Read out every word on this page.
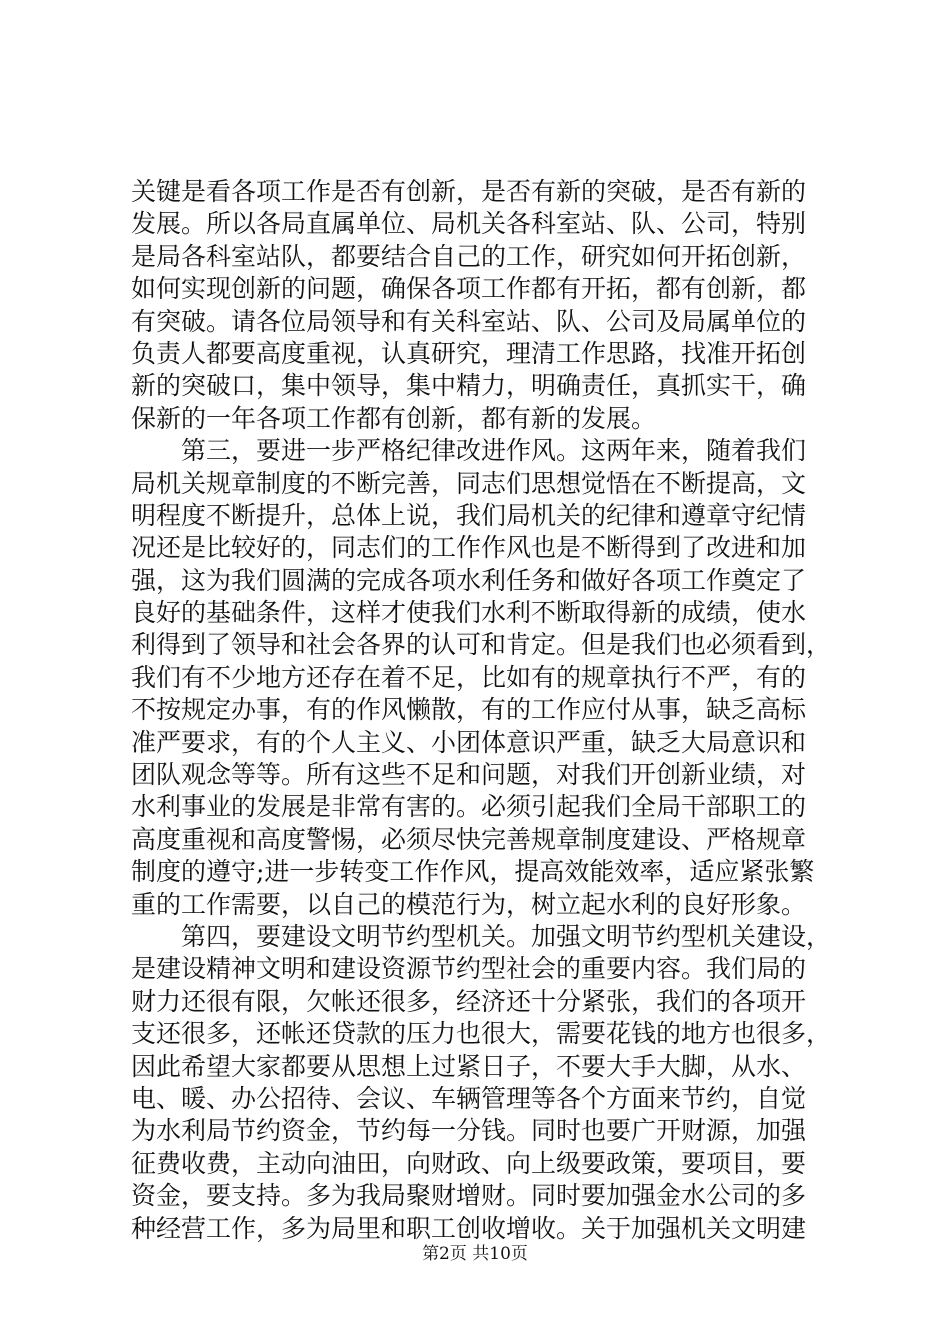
关键是看各项工作是否有创新，是否有新的突破，是否有新的
发展。所以各局直属单位、局机关各科室站、队、公司，特别
是局各科室站队，都要结合自己的工作，研究如何开拓创新，
如何实现创新的问题，确保各项工作都有开拓，都有创新，都
有突破。请各位局领导和有关科室站、队、公司及局属单位的
负责人都要高度重视，认真研究，理清工作思路，找准开拓创
新的突破口，集中领导，集中精力，明确责任，真抓实干，确
保新的一年各项工作都有创新，都有新的发展。
第三，要进一步严格纪律改进作风。这两年来，随着我们
局机关规章制度的不断完善，同志们思想觉悟在不断提高，文
明程度不断提升，总体上说，我们局机关的纪律和遵章守纪情
况还是比较好的，同志们的工作作风也是不断得到了改进和加
强，这为我们圆满的完成各项水利任务和做好各项工作奠定了
良好的基础条件，这样才使我们水利不断取得新的成绩，使水
利得到了领导和社会各界的认可和肯定。但是我们也必须看到，
我们有不少地方还存在着不足，比如有的规章执行不严，有的
不按规定办事，有的作风懒散，有的工作应付从事，缺乏高标
准严要求，有的个人主义、小团体意识严重，缺乏大局意识和
团队观念等等。所有这些不足和问题，对我们开创新业绩，对
水利事业的发展是非常有害的。必须引起我们全局干部职工的
高度重视和高度警惕，必须尽快完善规章制度建设、严格规章
制度的遵守;进一步转变工作作风，提高效能效率，适应紧张繁
重的工作需要，以自己的模范行为，树立起水利的良好形象。
第四，要建设文明节约型机关。加强文明节约型机关建设，
是建设精神文明和建设资源节约型社会的重要内容。我们局的
财力还很有限，欠帐还很多，经济还十分紧张，我们的各项开
支还很多，还帐还贷款的压力也很大，需要花钱的地方也很多，
因此希望大家都要从思想上过紧日子，不要大手大脚，从水、
电、暖、办公招待、会议、车辆管理等各个方面来节约，自觉
为水利局节约资金，节约每一分钱。同时也要广开财源，加强
征费收费，主动向油田，向财政、向上级要政策，要项目，要
资金，要支持。多为我局聚财增财。同时要加强金水公司的多
种经营工作，多为局里和职工创收增收。关于加强机关文明建
第2页 共10页
